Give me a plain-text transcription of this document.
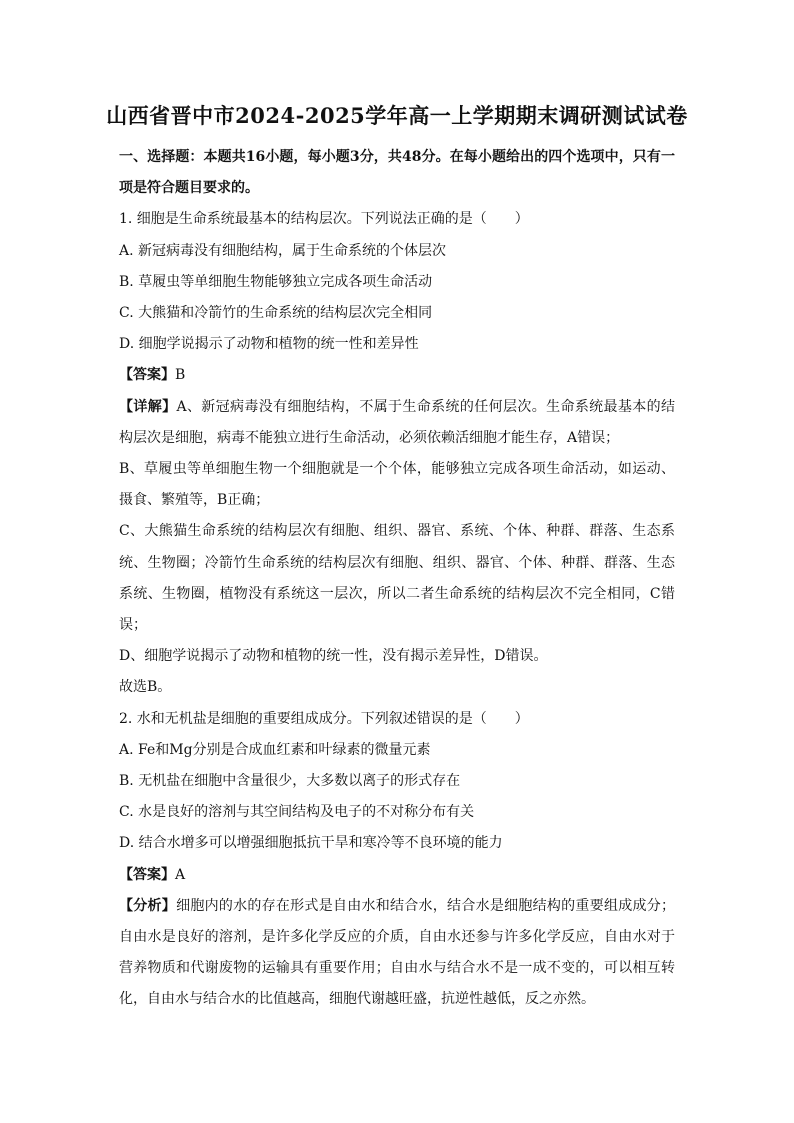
山西省晋中市2024-2025学年高一上学期期末调研测试试卷

一、选择题：本题共16小题，每小题3分，共48分。在每小题给出的四个选项中，只有一项是符合题目要求的。

1. 细胞是生命系统最基本的结构层次。下列说法正确的是（　　）

A. 新冠病毒没有细胞结构，属于生命系统的个体层次

B. 草履虫等单细胞生物能够独立完成各项生命活动

C. 大熊猫和冷箭竹的生命系统的结构层次完全相同

D. 细胞学说揭示了动物和植物的统一性和差异性

【答案】B

【详解】A、新冠病毒没有细胞结构，不属于生命系统的任何层次。生命系统最基本的结构层次是细胞，病毒不能独立进行生命活动，必须依赖活细胞才能生存，A错误；

B、草履虫等单细胞生物一个细胞就是一个个体，能够独立完成各项生命活动，如运动、摄食、繁殖等，B正确；

C、大熊猫生命系统的结构层次有细胞、组织、器官、系统、个体、种群、群落、生态系统、生物圈；冷箭竹生命系统的结构层次有细胞、组织、器官、个体、种群、群落、生态系统、生物圈，植物没有系统这一层次，所以二者生命系统的结构层次不完全相同，C错误；

D、细胞学说揭示了动物和植物的统一性，没有揭示差异性，D错误。

故选B。

2. 水和无机盐是细胞的重要组成成分。下列叙述错误的是（　　）

A. Fe和Mg分别是合成血红素和叶绿素的微量元素

B. 无机盐在细胞中含量很少，大多数以离子的形式存在

C. 水是良好的溶剂与其空间结构及电子的不对称分布有关

D. 结合水增多可以增强细胞抵抗干旱和寒冷等不良环境的能力

【答案】A

【分析】细胞内的水的存在形式是自由水和结合水，结合水是细胞结构的重要组成成分；自由水是良好的溶剂，是许多化学反应的介质，自由水还参与许多化学反应，自由水对于营养物质和代谢废物的运输具有重要作用；自由水与结合水不是一成不变的，可以相互转化，自由水与结合水的比值越高，细胞代谢越旺盛，抗逆性越低，反之亦然。
